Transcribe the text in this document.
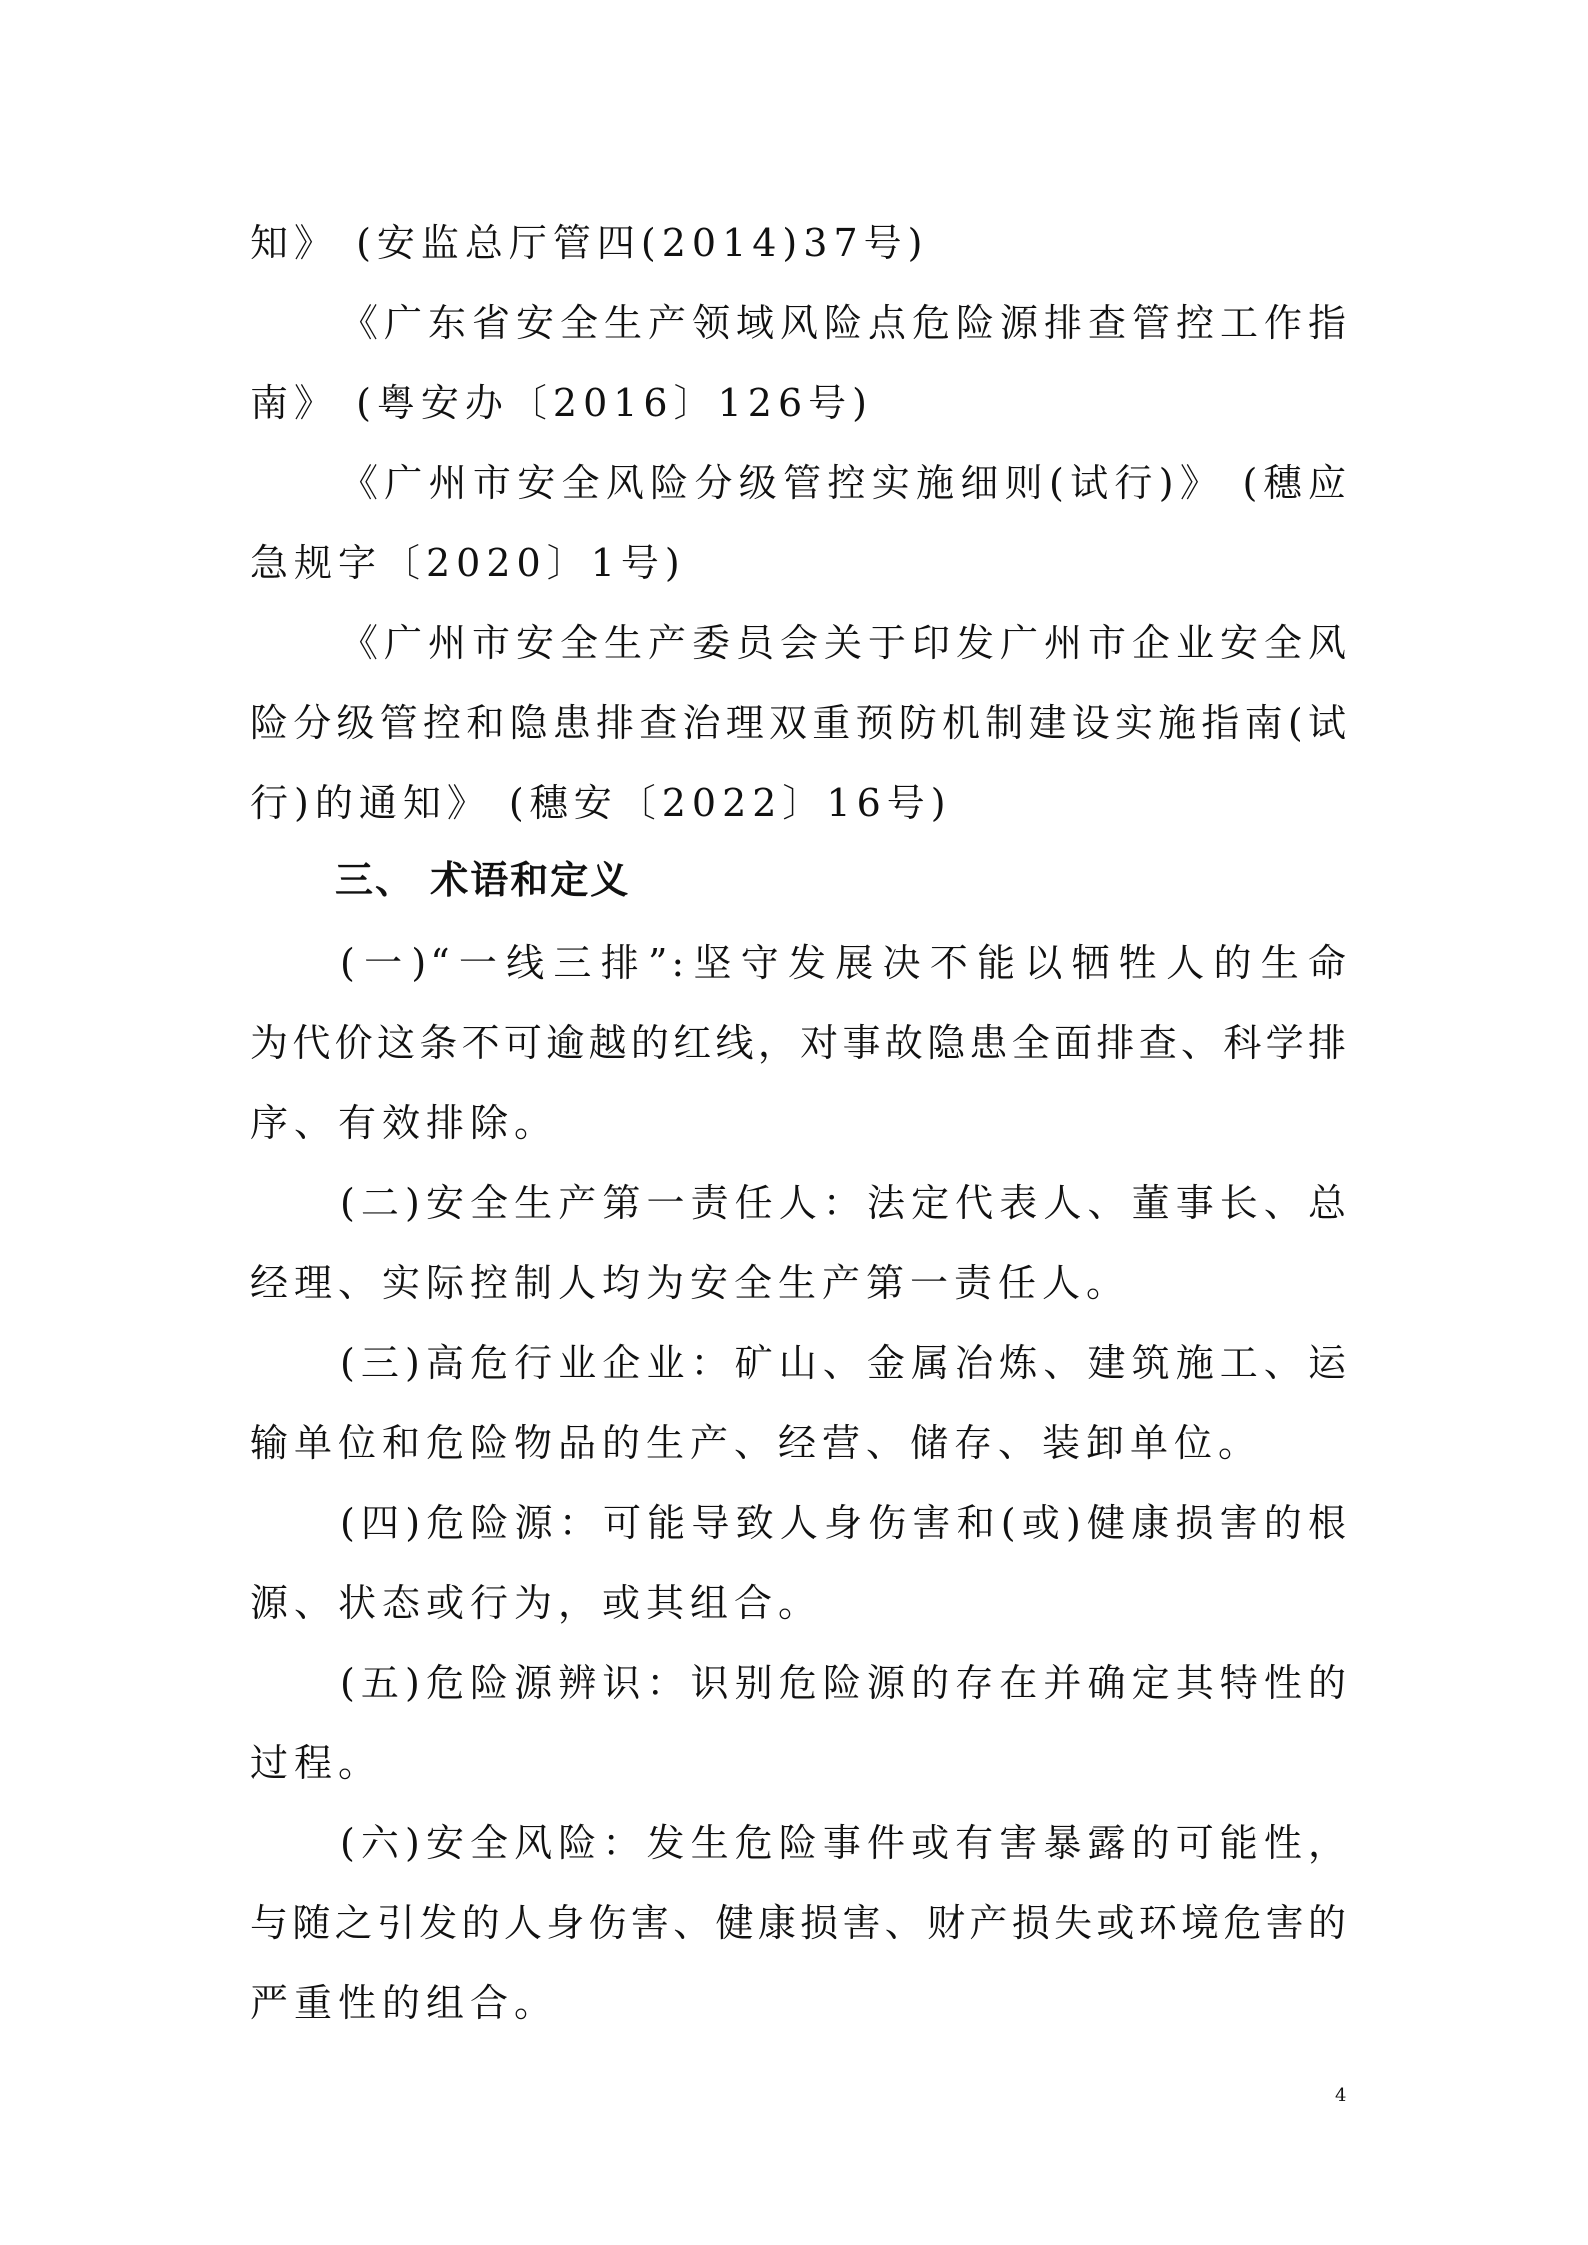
知》 (安监总厅管四(2014)37号)
《广东省安全生产领域风险点危险源排查管控工作指
南》 (粤安办〔2016〕126号)
《广州市安全风险分级管控实施细则(试行)》 (穗应
急规字〔2020〕1号)
《广州市安全生产委员会关于印发广州市企业安全风
险分级管控和隐患排查治理双重预防机制建设实施指南(试
行)的通知》 (穗安〔2022〕16号)
三、 术语和定义
(一)“一线三排”:坚守发展决不能以牺牲人的生命
为代价这条不可逾越的红线，对事故隐患全面排查、科学排
序、有效排除。
(二)安全生产第一责任人：法定代表人、董事长、总
经理、实际控制人均为安全生产第一责任人。
(三)高危行业企业：矿山、金属冶炼、建筑施工、运
输单位和危险物品的生产、经营、储存、装卸单位。
(四)危险源：可能导致人身伤害和(或)健康损害的根
源、状态或行为，或其组合。
(五)危险源辨识：识别危险源的存在并确定其特性的
过程。
(六)安全风险：发生危险事件或有害暴露的可能性，
与随之引发的人身伤害、健康损害、财产损失或环境危害的
严重性的组合。
4
